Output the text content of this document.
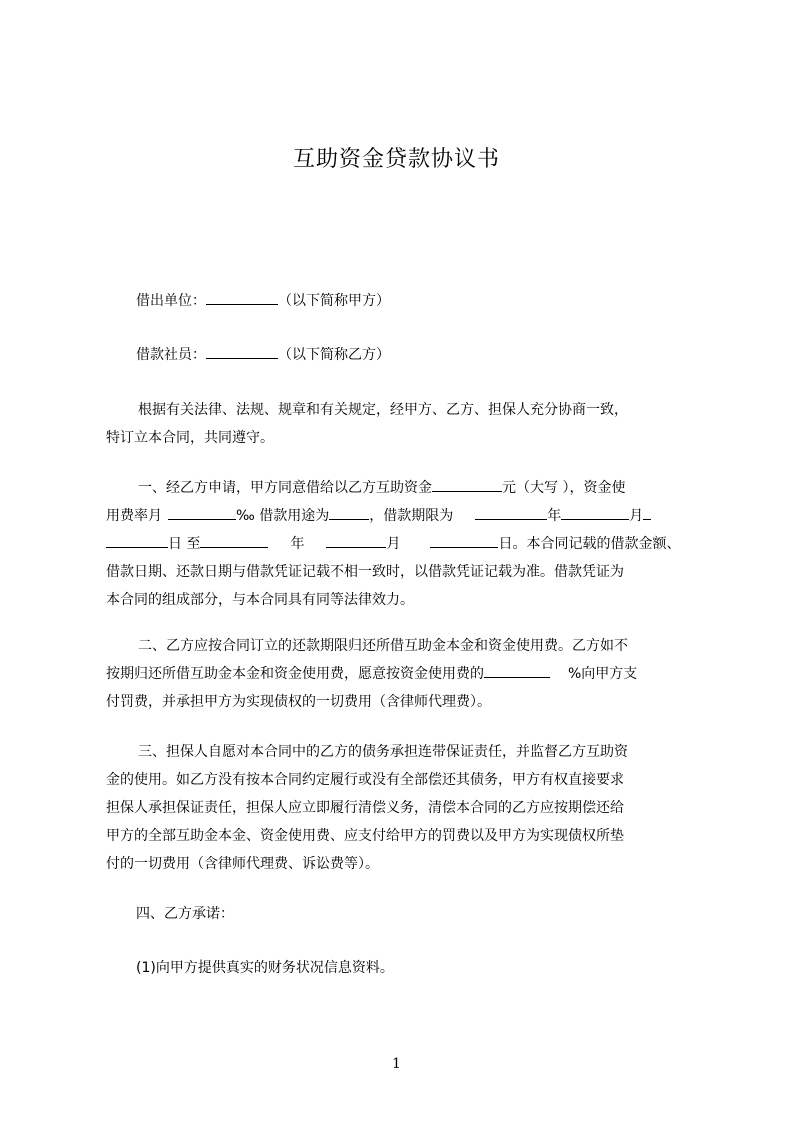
互助资金贷款协议书
借出单位：	（以下简称甲方）
借款社员：	（以下简称乙方）
根据有关法律、法规、规章和有关规定，经甲方、乙方、担保人充分协商一致，
特订立本合同，共同遵守。
一、经乙方申请，甲方同意借给以乙方互助资金	元（大写 ），资金使
用费率月	‰ 借款用途为	，借款期限为	年	月
日 至	年	月	日。本合同记载的借款金额、
借款日期、还款日期与借款凭证记载不相一致时，以借款凭证记载为准。借款凭证为
本合同的组成部分，与本合同具有同等法律效力。
二、乙方应按合同订立的还款期限归还所借互助金本金和资金使用费。乙方如不
按期归还所借互助金本金和资金使用费，愿意按资金使用费的	%向甲方支
付罚费，并承担甲方为实现债权的一切费用（含律师代理费）。
三、担保人自愿对本合同中的乙方的债务承担连带保证责任，并监督乙方互助资
金的使用。如乙方没有按本合同约定履行或没有全部偿还其债务，甲方有权直接要求
担保人承担保证责任，担保人应立即履行清偿义务，清偿本合同的乙方应按期偿还给
甲方的全部互助金本金、资金使用费、应支付给甲方的罚费以及甲方为实现债权所垫
付的一切费用（含律师代理费、诉讼费等）。
四、乙方承诺：
(1)向甲方提供真实的财务状况信息资料。
1
